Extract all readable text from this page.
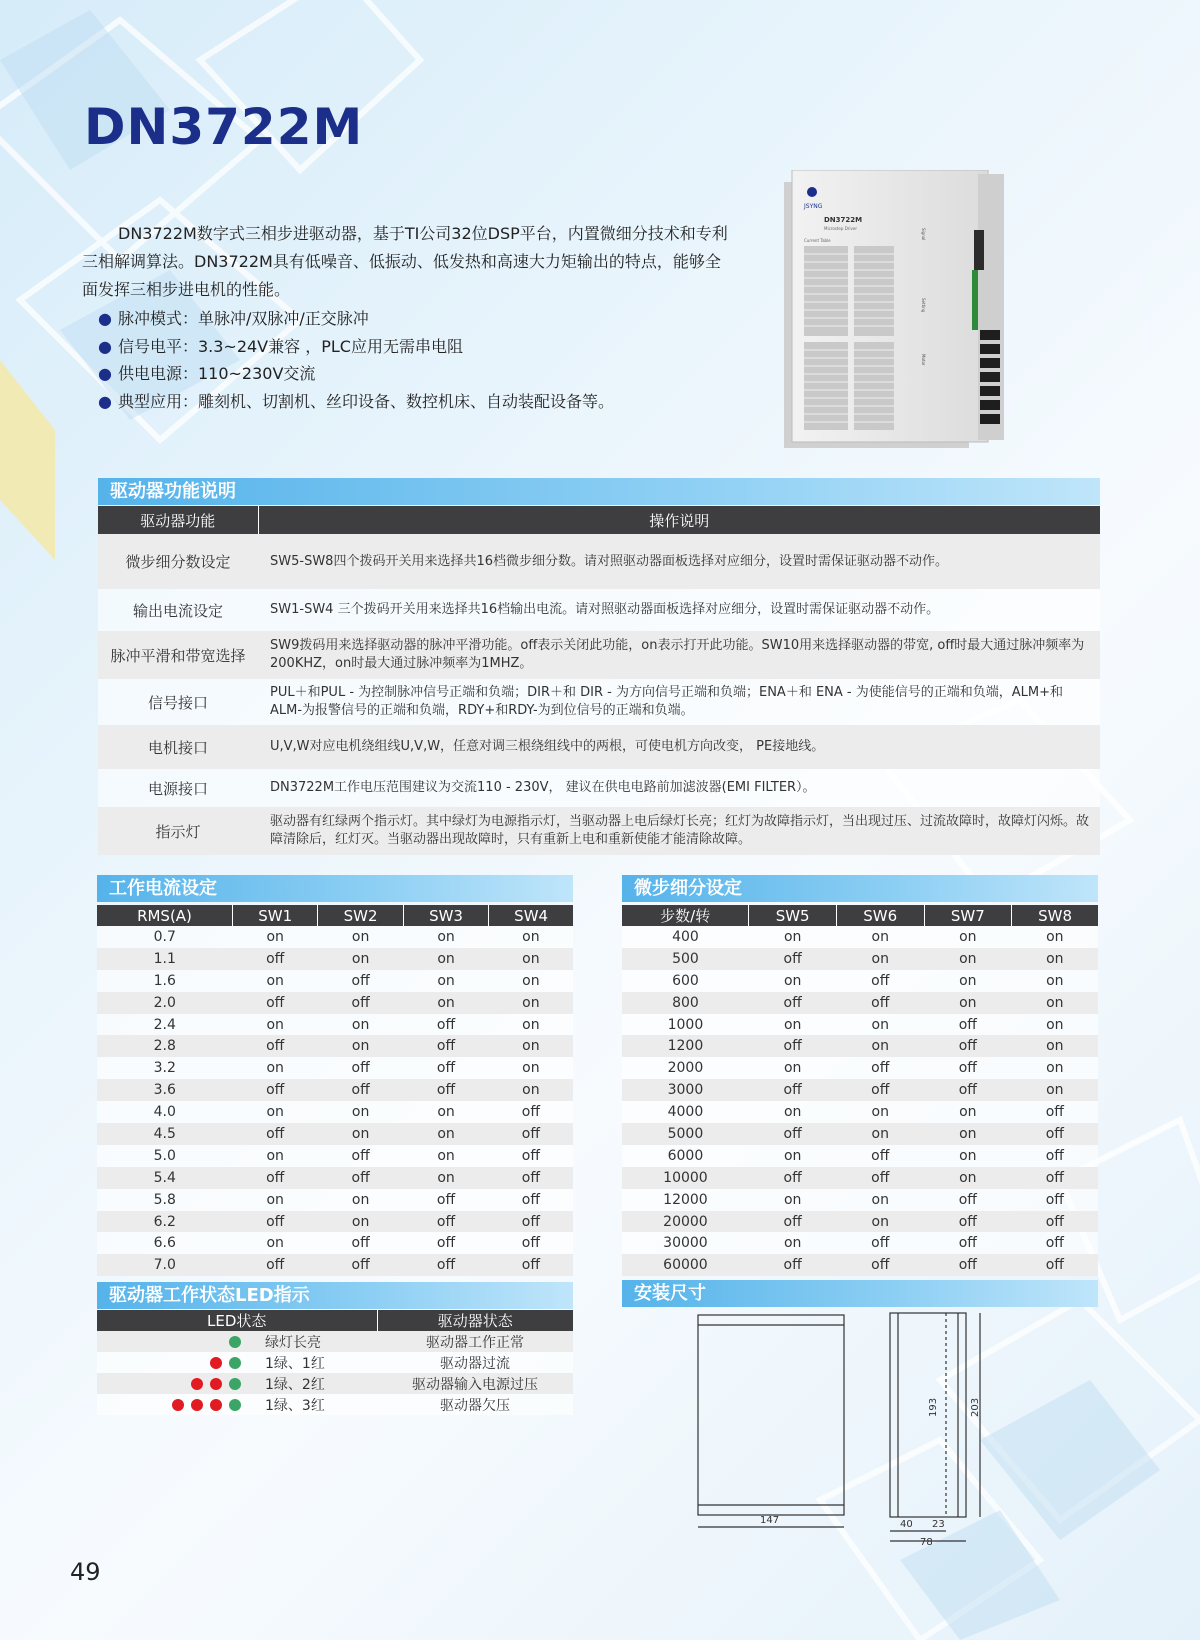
DN3722M

DN3722M数字式三相步进驱动器，基于TI公司32位DSP平台，内置微细分技术和专利三相解调算法。DN3722M具有低噪音、低振动、低发热和高速大力矩输出的特点，能够全面发挥三相步进电机的性能。

● 脉冲模式：单脉冲/双脉冲/正交脉冲
● 信号电平：3.3~24V兼容 ，PLC应用无需串电阻
● 供电电源：110~230V交流
● 典型应用：雕刻机、切割机、丝印设备、数控机床、自动装配设备等。
JSYNG
DN3722M
Microstep Driver
Current Table
Signal
Setting
Motor
驱动器功能说明
驱动器功能	操作说明
微步细分数设定	SW5-SW8四个拨码开关用来选择共16档微步细分数。请对照驱动器面板选择对应细分，设置时需保证驱动器不动作。
输出电流设定	SW1-SW4 三个拨码开关用来选择共16档输出电流。请对照驱动器面板选择对应细分，设置时需保证驱动器不动作。
脉冲平滑和带宽选择	SW9拨码用来选择驱动器的脉冲平滑功能。off表示关闭此功能，on表示打开此功能。SW10用来选择驱动器的带宽, off时最大通过脉冲频率为200KHZ，on时最大通过脉冲频率为1MHZ。
信号接口	PUL＋和PUL - 为控制脉冲信号正端和负端；DIR＋和 DIR - 为方向信号正端和负端；ENA＋和 ENA - 为使能信号的正端和负端，ALM+和ALM-为报警信号的正端和负端，RDY+和RDY-为到位信号的正端和负端。
电机接口	U,V,W对应电机绕组线U,V,W，任意对调三根绕组线中的两根，可使电机方向改变， PE接地线。
电源接口	DN3722M工作电压范围建议为交流110 - 230V， 建议在供电电路前加滤波器(EMI FILTER）。
指示灯	驱动器有红绿两个指示灯。其中绿灯为电源指示灯，当驱动器上电后绿灯长亮；红灯为故障指示灯，当出现过压、过流故障时，故障灯闪烁。故障清除后，红灯灭。当驱动器出现故障时，只有重新上电和重新使能才能清除故障。
工作电流设定
RMS(A)	SW1	SW2	SW3	SW4
0.7	on	on	on	on
1.1	off	on	on	on
1.6	on	off	on	on
2.0	off	off	on	on
2.4	on	on	off	on
2.8	off	on	off	on
3.2	on	off	off	on
3.6	off	off	off	on
4.0	on	on	on	off
4.5	off	on	on	off
5.0	on	off	on	off
5.4	off	off	on	off
5.8	on	on	off	off
6.2	off	on	off	off
6.6	on	off	off	off
7.0	off	off	off	off
微步细分设定
步数/转	SW5	SW6	SW7	SW8
400	on	on	on	on
500	off	on	on	on
600	on	off	on	on
800	off	off	on	on
1000	on	on	off	on
1200	off	on	off	on
2000	on	off	off	on
3000	off	off	off	on
4000	on	on	on	off
5000	off	on	on	off
6000	on	off	on	off
10000	off	off	on	off
12000	on	on	off	off
20000	off	on	off	off
30000	on	off	off	off
60000	off	off	off	off
驱动器工作状态LED指示
LED状态		驱动器状态
	绿灯长亮	驱动器工作正常
	1绿、1红	驱动器过流
	1绿、2红	驱动器输入电源过压
	1绿、3红	驱动器欠压
安装尺寸
147
193	203
40 23
78
49
